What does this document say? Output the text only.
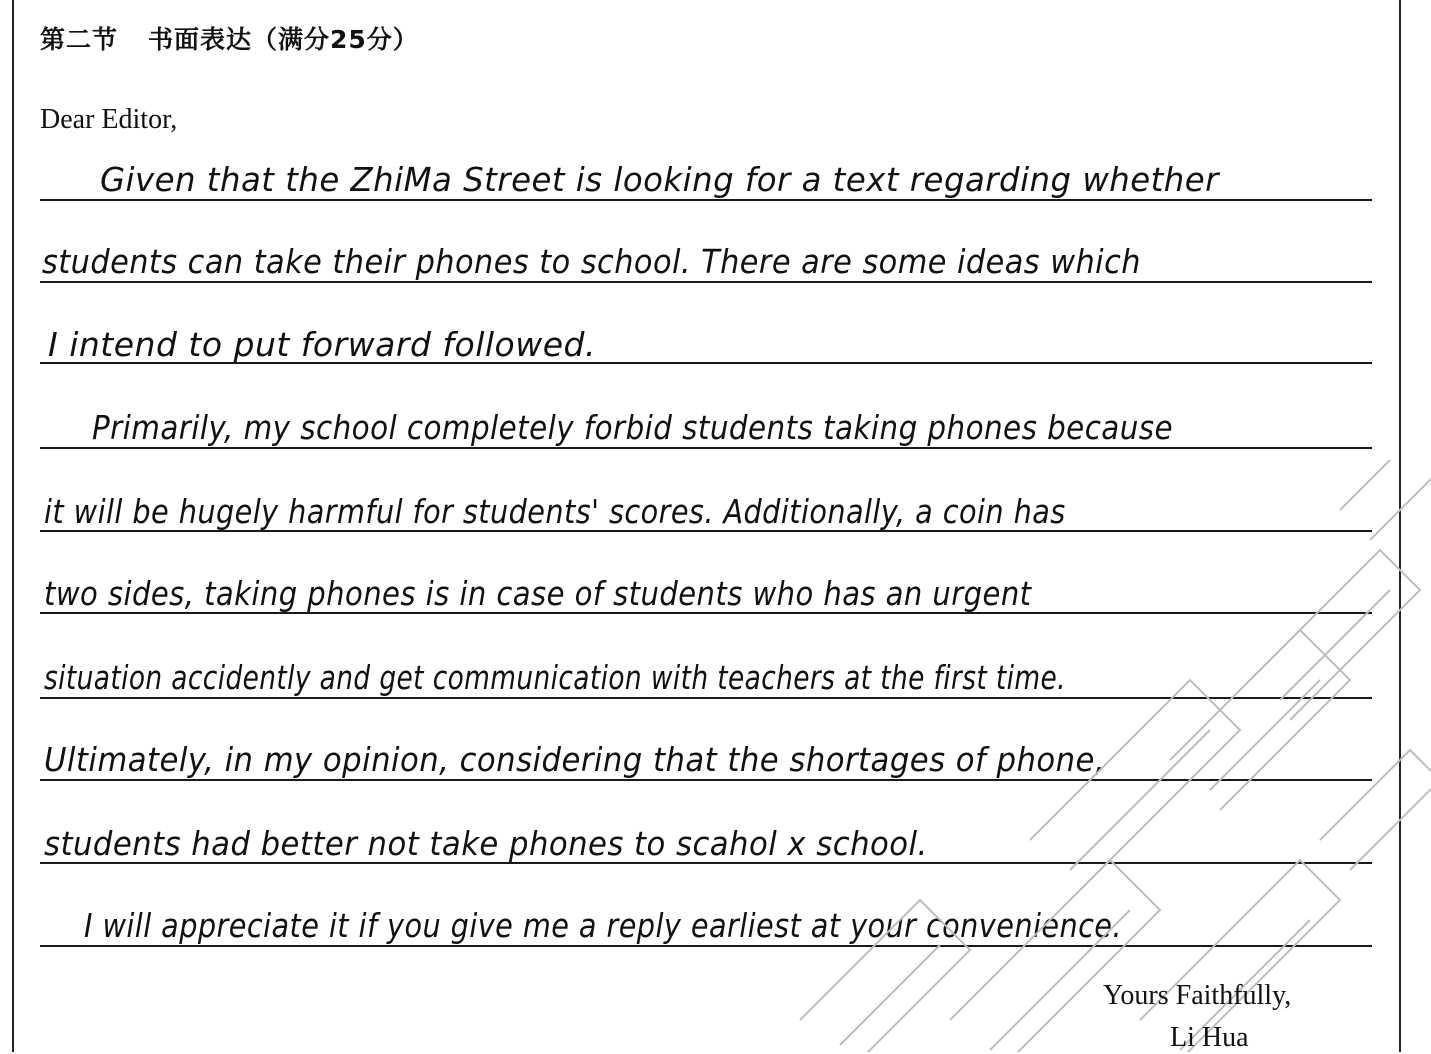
第二节 书面表达（满分25分）
Dear Editor,
Given that the ZhiMa Street is looking for a text regarding whether
students can take their phones to school. There are some ideas which
I intend to put forward followed.
Primarily, my school completely forbid students taking phones because
it will be hugely harmful for students' scores. Additionally, a coin has
two sides, taking phones is in case of students who has an urgent
situation accidently and get communication with teachers at the first time.
Ultimately, in my opinion, considering that the shortages of phone,
students had better not take phones to scahol x school.
I will appreciate it if you give me a reply earliest at your convenience.
Yours Faithfully,
Li Hua
